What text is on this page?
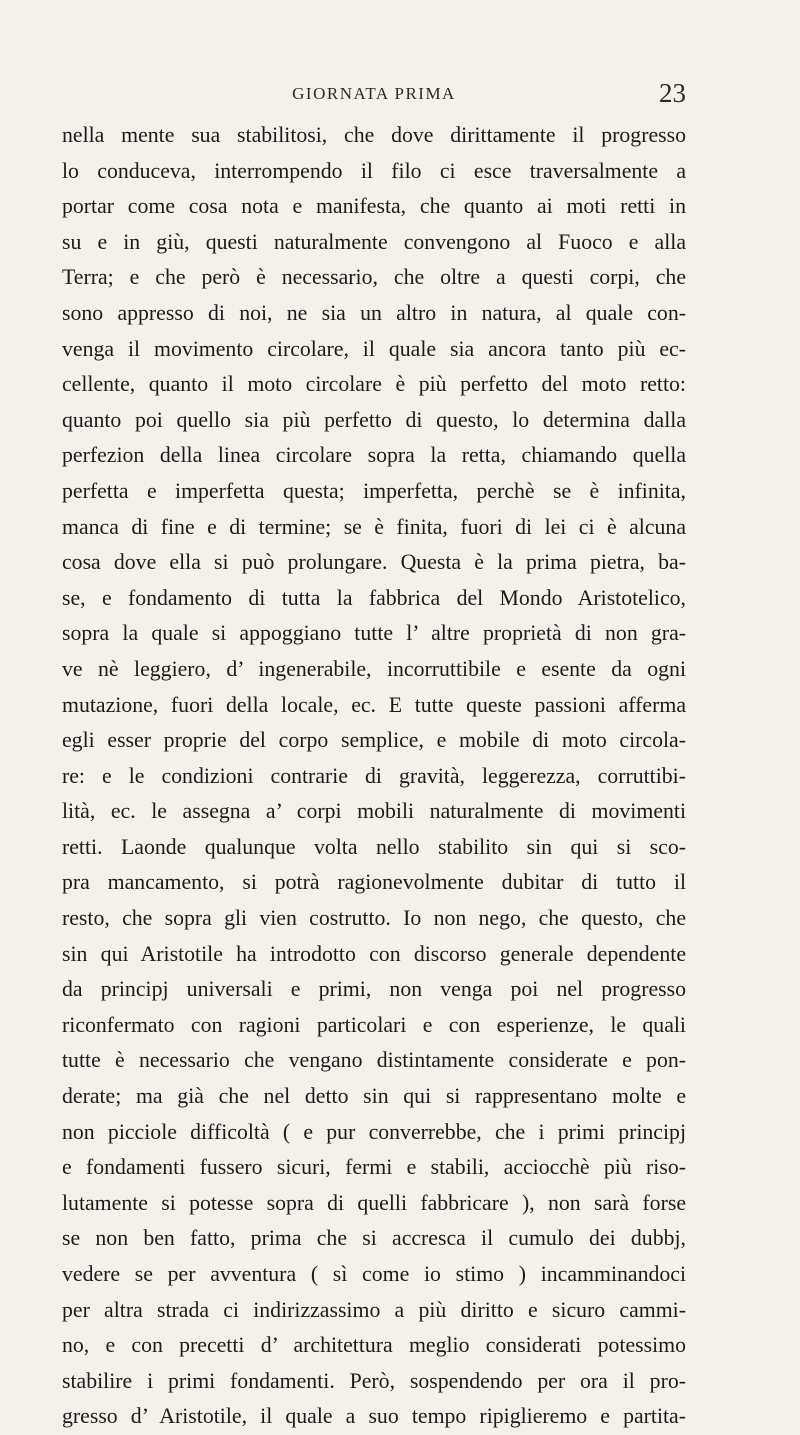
GIORNATA PRIMA	23
nella mente sua stabilitosi, che dove dirittamente il progresso
lo conduceva, interrompendo il filo ci esce traversalmente a
portar come cosa nota e manifesta, che quanto ai moti retti in
su e in giù, questi naturalmente convengono al Fuoco e alla
Terra; e che però è necessario, che oltre a questi corpi, che
sono appresso di noi, ne sia un altro in natura, al quale con-
venga il movimento circolare, il quale sia ancora tanto più ec-
cellente, quanto il moto circolare è più perfetto del moto retto:
quanto poi quello sia più perfetto di questo, lo determina dalla
perfezion della linea circolare sopra la retta, chiamando quella
perfetta e imperfetta questa; imperfetta, perchè se è infinita,
manca di fine e di termine; se è finita, fuori di lei ci è alcuna
cosa dove ella si può prolungare. Questa è la prima pietra, ba-
se, e fondamento di tutta la fabbrica del Mondo Aristotelico,
sopra la quale si appoggiano tutte l’ altre proprietà di non gra-
ve nè leggiero, d’ ingenerabile, incorruttibile e esente da ogni
mutazione, fuori della locale, ec. E tutte queste passioni afferma
egli esser proprie del corpo semplice, e mobile di moto circola-
re: e le condizioni contrarie di gravità, leggerezza, corruttibi-
lità, ec. le assegna a’ corpi mobili naturalmente di movimenti
retti. Laonde qualunque volta nello stabilito sin qui si sco-
pra mancamento, si potrà ragionevolmente dubitar di tutto il
resto, che sopra gli vien costrutto. Io non nego, che questo, che
sin qui Aristotile ha introdotto con discorso generale dependente
da principj universali e primi, non venga poi nel progresso
riconfermato con ragioni particolari e con esperienze, le quali
tutte è necessario che vengano distintamente considerate e pon-
derate; ma già che nel detto sin qui si rappresentano molte e
non picciole difficoltà ( e pur converrebbe, che i primi principj
e fondamenti fussero sicuri, fermi e stabili, acciocchè più riso-
lutamente si potesse sopra di quelli fabbricare ), non sarà forse
se non ben fatto, prima che si accresca il cumulo dei dubbj,
vedere se per avventura ( sì come io stimo ) incamminandoci
per altra strada ci indirizzassimo a più diritto e sicuro cammi-
no, e con precetti d’ architettura meglio considerati potessimo
stabilire i primi fondamenti. Però, sospendendo per ora il pro-
gresso d’ Aristotile, il quale a suo tempo ripiglieremo e partita-
